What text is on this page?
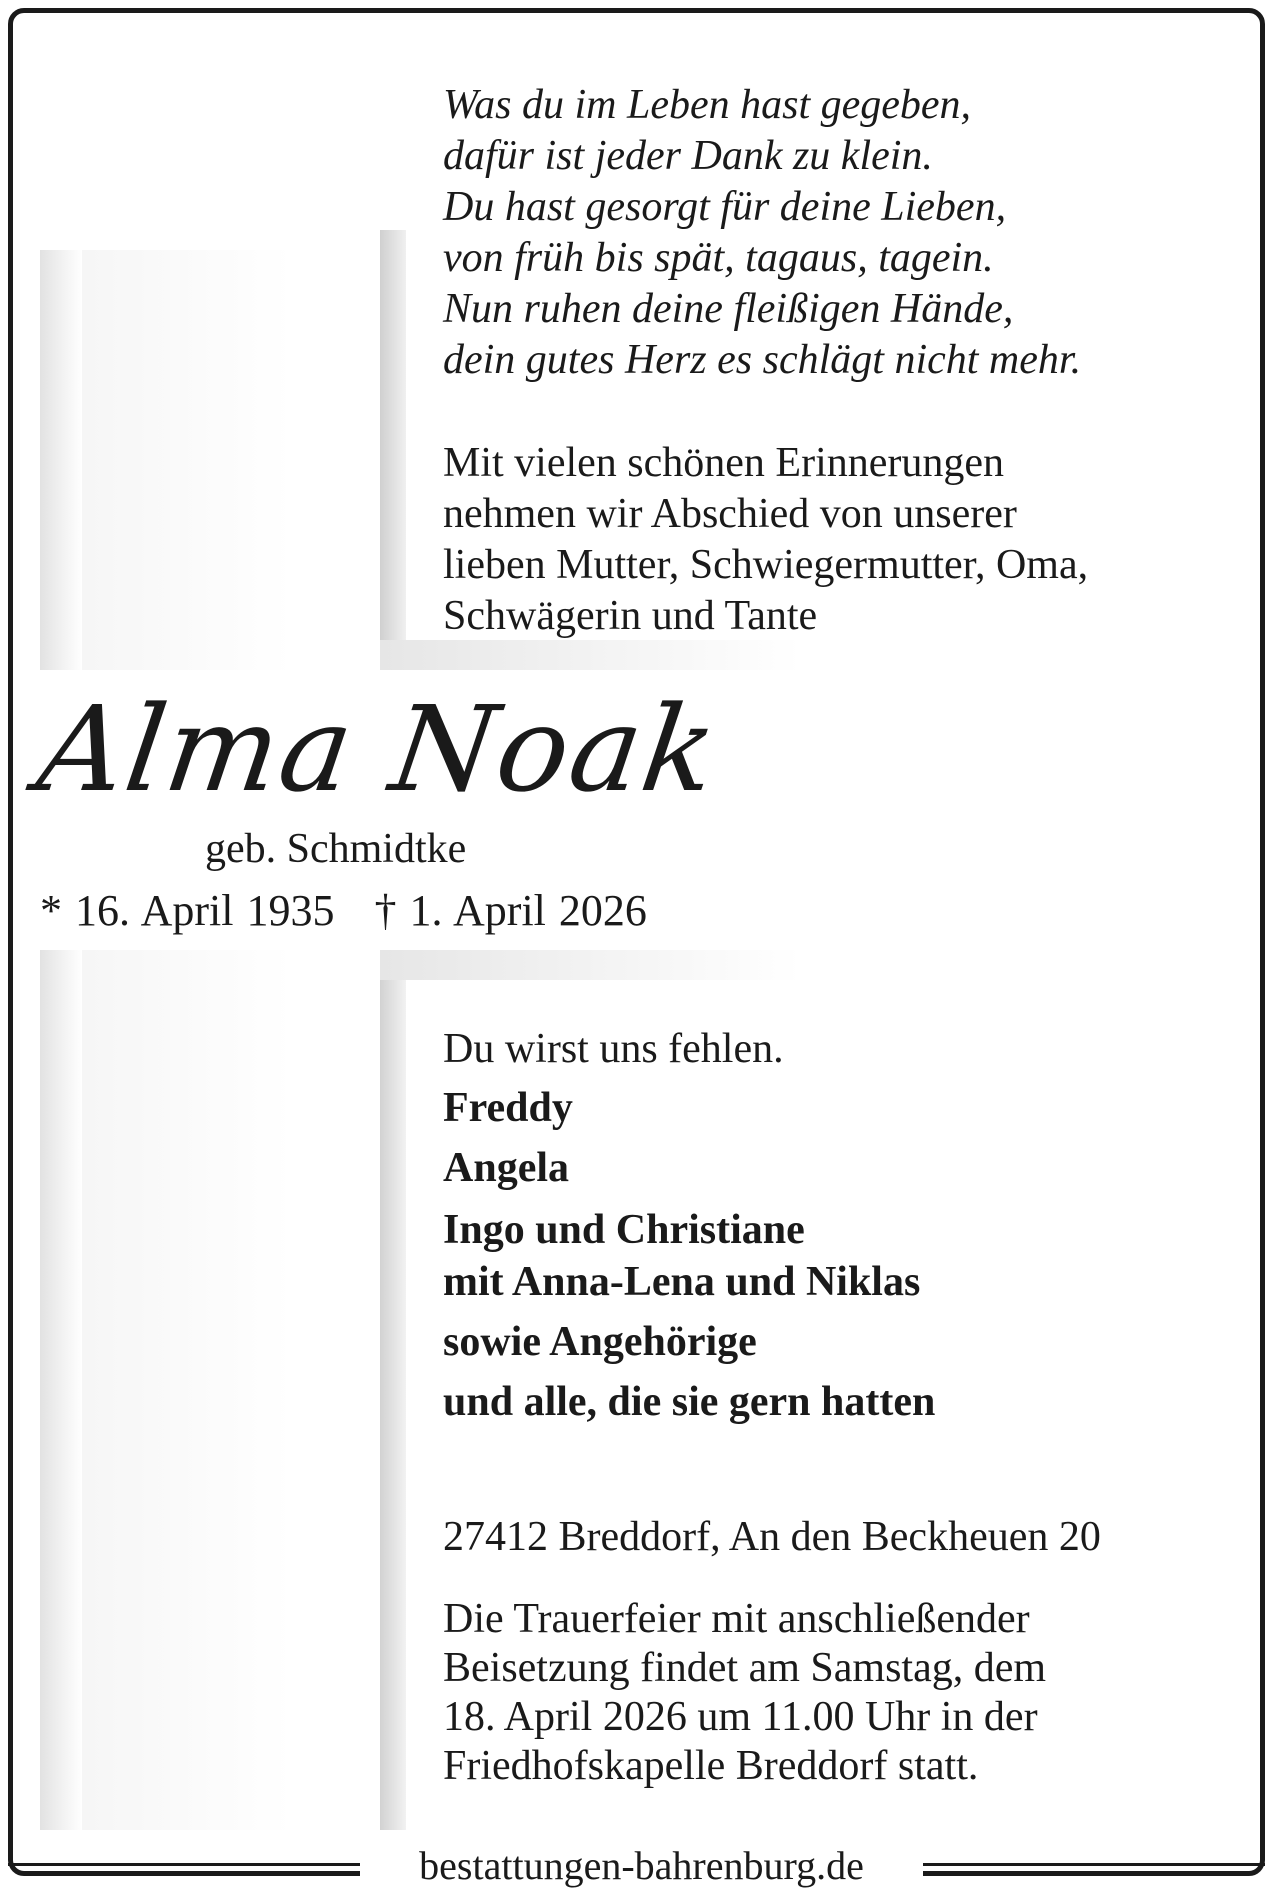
Was du im Leben hast gegeben,
dafür ist jeder Dank zu klein.
Du hast gesorgt für deine Lieben,
von früh bis spät, tagaus, tagein.
Nun ruhen deine fleißigen Hände,
dein gutes Herz es schlägt nicht mehr.
Mit vielen schönen Erinnerungen
nehmen wir Abschied von unserer
lieben Mutter, Schwiegermutter, Oma,
Schwägerin und Tante
Alma Noak
geb. Schmidtke
* 16. April 1935 † 1. April 2026
Du wirst uns fehlen.
Freddy
Angela
Ingo und Christiane
mit Anna-Lena und Niklas
sowie Angehörige
und alle, die sie gern hatten
27412 Breddorf, An den Beckheuen 20
Die Trauerfeier mit anschließender
Beisetzung findet am Samstag, dem
18. April 2026 um 11.00 Uhr in der
Friedhofskapelle Breddorf statt.
bestattungen-bahrenburg.de
